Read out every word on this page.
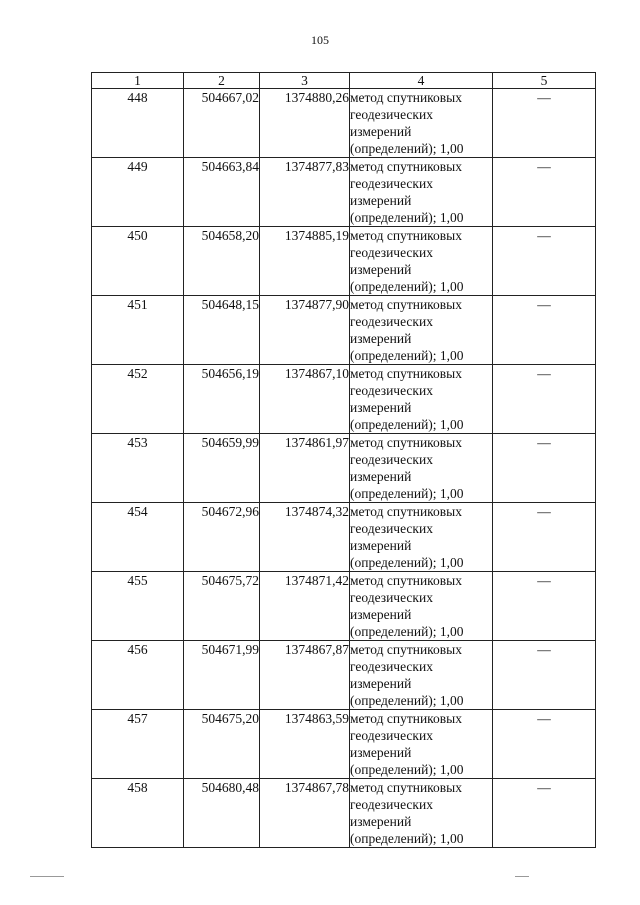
105
1	2	3	4	5
448	504667,02	1374880,26	метод спутниковых
геодезических
измерений
(определений); 1,00	—
449	504663,84	1374877,83	метод спутниковых
геодезических
измерений
(определений); 1,00	—
450	504658,20	1374885,19	метод спутниковых
геодезических
измерений
(определений); 1,00	—
451	504648,15	1374877,90	метод спутниковых
геодезических
измерений
(определений); 1,00	—
452	504656,19	1374867,10	метод спутниковых
геодезических
измерений
(определений); 1,00	—
453	504659,99	1374861,97	метод спутниковых
геодезических
измерений
(определений); 1,00	—
454	504672,96	1374874,32	метод спутниковых
геодезических
измерений
(определений); 1,00	—
455	504675,72	1374871,42	метод спутниковых
геодезических
измерений
(определений); 1,00	—
456	504671,99	1374867,87	метод спутниковых
геодезических
измерений
(определений); 1,00	—
457	504675,20	1374863,59	метод спутниковых
геодезических
измерений
(определений); 1,00	—
458	504680,48	1374867,78	метод спутниковых
геодезических
измерений
(определений); 1,00	—
